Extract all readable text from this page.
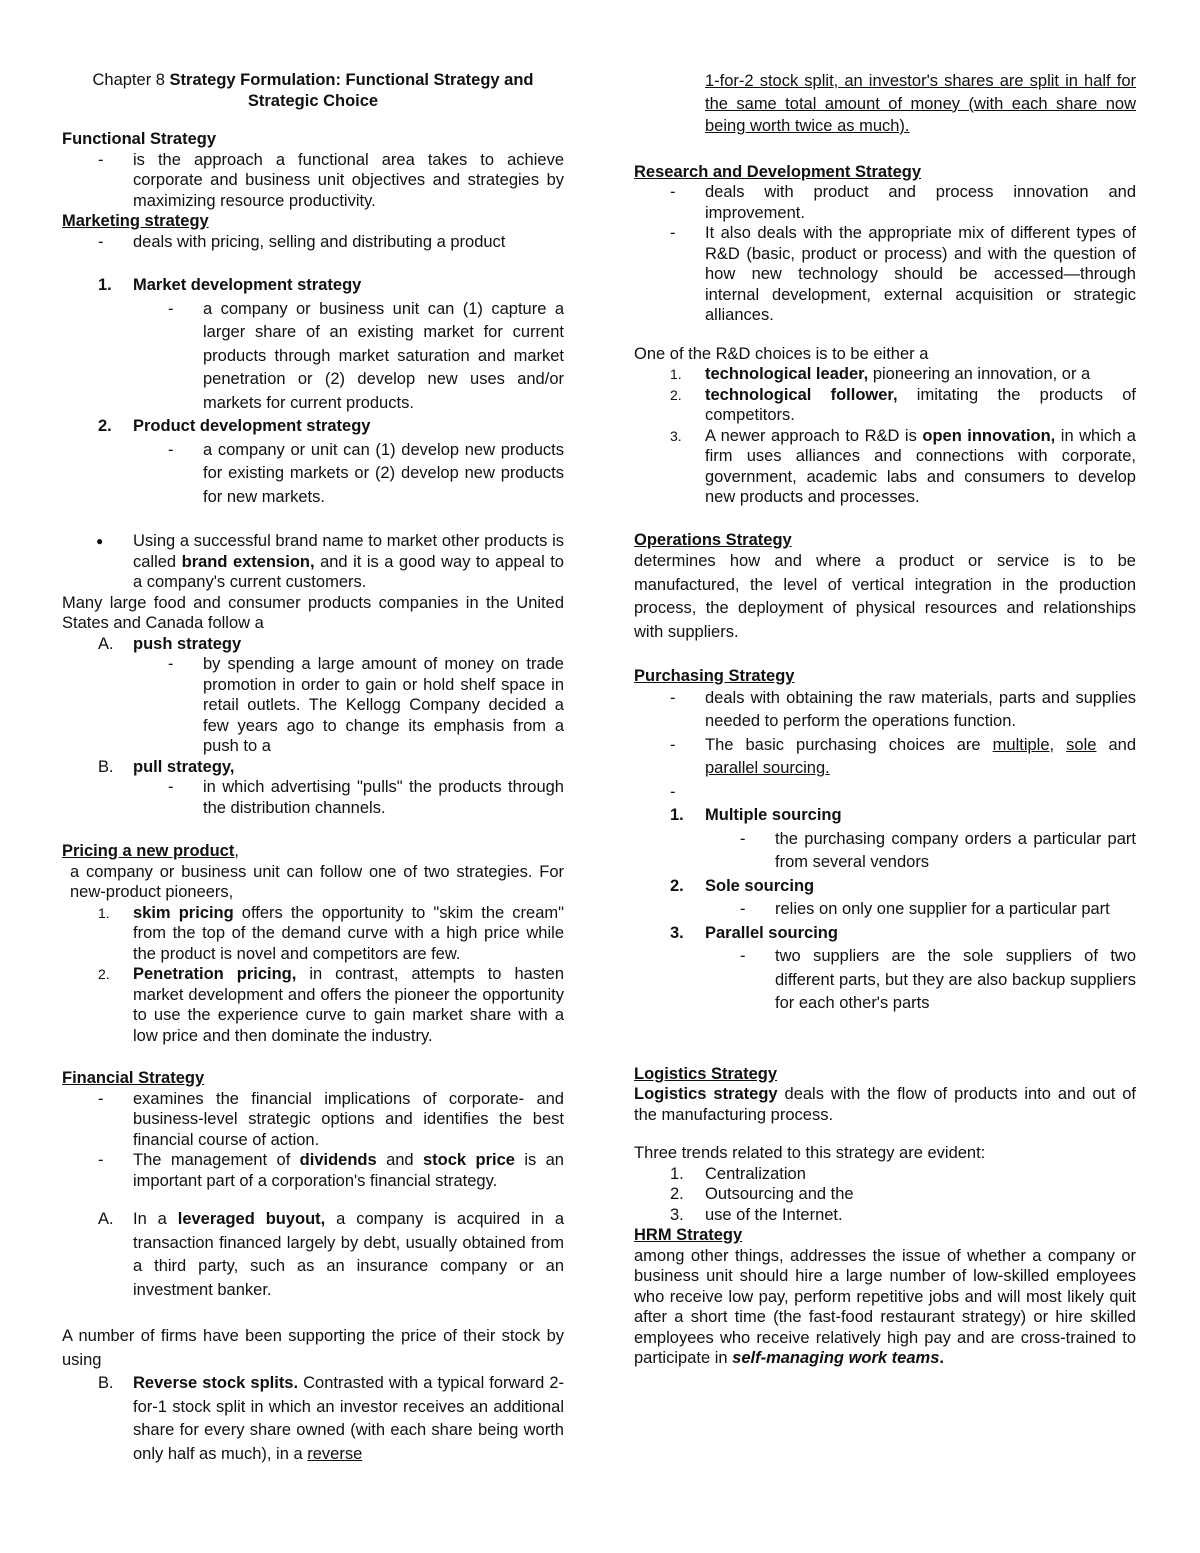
Chapter 8 Strategy Formulation: Functional Strategy and
Strategic Choice

Functional Strategy

- is the approach a functional area takes to achieve corporate and business unit objectives and strategies by maximizing resource productivity.

Marketing strategy

- deals with pricing, selling and distributing a product
1. Market development strategy
- a company or business unit can (1) capture a larger share of an existing market for current products through market saturation and market penetration or (2) develop new uses and/or markets for current products.
2. Product development strategy
- a company or unit can (1) develop new products for existing markets or (2) develop new products for new markets.
● Using a successful brand name to market other products is called brand extension, and it is a good way to appeal to a company's current customers.

Many large food and consumer products companies in the United States and Canada follow a

A. push strategy
- by spending a large amount of money on trade promotion in order to gain or hold shelf space in retail outlets. The Kellogg Company decided a few years ago to change its emphasis from a push to a
B. pull strategy,
- in which advertising "pulls" the products through the distribution channels.

Pricing a new product,

a company or business unit can follow one of two strategies. For new-product pioneers,

1. skim pricing offers the opportunity to "skim the cream" from the top of the demand curve with a high price while the product is novel and competitors are few.
2. Penetration pricing, in contrast, attempts to hasten market development and offers the pioneer the opportunity to use the experience curve to gain market share with a low price and then dominate the industry.

Financial Strategy

- examines the financial implications of corporate- and business-level strategic options and identifies the best financial course of action.
- The management of dividends and stock price is an important part of a corporation's financial strategy.
A. In a leveraged buyout, a company is acquired in a transaction financed largely by debt, usually obtained from a third party, such as an insurance company or an investment banker.

A number of firms have been supporting the price of their stock by using

B. Reverse stock splits. Contrasted with a typical forward 2-for-1 stock split in which an investor receives an additional share for every share owned (with each share being worth only half as much), in a reverse
1-for-2 stock split, an investor's shares are split in half for the same total amount of money (with each share now being worth twice as much).

Research and Development Strategy

- deals with product and process innovation and improvement.
- It also deals with the appropriate mix of different types of R&D (basic, product or process) and with the question of how new technology should be accessed—through internal development, external acquisition or strategic alliances.

One of the R&D choices is to be either a

1. technological leader, pioneering an innovation, or a
2. technological follower, imitating the products of competitors.
3. A newer approach to R&D is open innovation, in which a firm uses alliances and connections with corporate, government, academic labs and consumers to develop new products and processes.

Operations Strategy

determines how and where a product or service is to be manufactured, the level of vertical integration in the production process, the deployment of physical resources and relationships with suppliers.

Purchasing Strategy

- deals with obtaining the raw materials, parts and supplies needed to perform the operations function.
- The basic purchasing choices are multiple, sole and parallel sourcing.
-

1. Multiple sourcing
- the purchasing company orders a particular part from several vendors
2. Sole sourcing
- relies on only one supplier for a particular part
3. Parallel sourcing
- two suppliers are the sole suppliers of two different parts, but they are also backup suppliers for each other's parts

Logistics Strategy

Logistics strategy deals with the flow of products into and out of the manufacturing process.

Three trends related to this strategy are evident:

1. Centralization
2. Outsourcing and the
3. use of the Internet.

HRM Strategy

among other things, addresses the issue of whether a company or business unit should hire a large number of low-skilled employees who receive low pay, perform repetitive jobs and will most likely quit after a short time (the fast-food restaurant strategy) or hire skilled employees who receive relatively high pay and are cross-trained to participate in self-managing work teams.
